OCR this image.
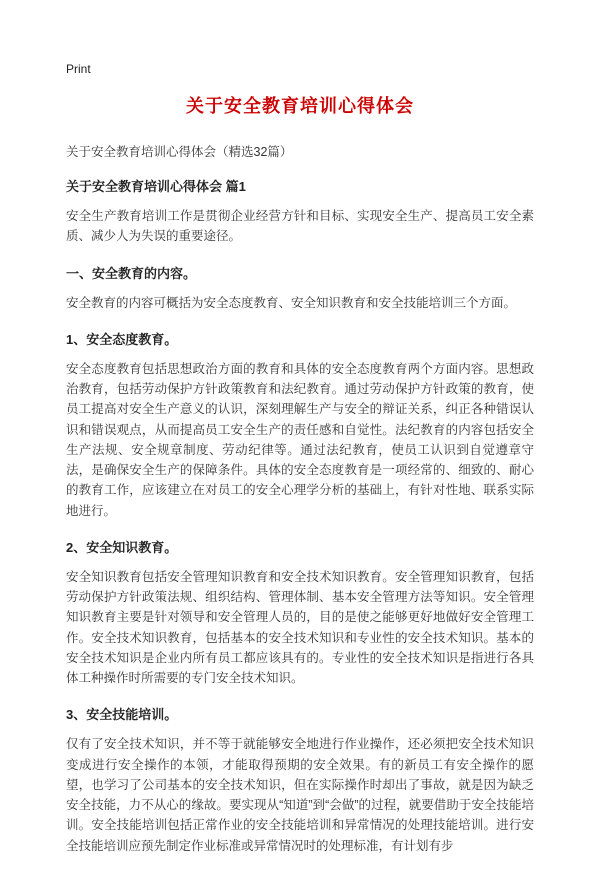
Print
关于安全教育培训心得体会

关于安全教育培训心得体会（精选32篇）

关于安全教育培训心得体会 篇1

安全生产教育培训工作是贯彻企业经营方针和目标、实现安全生产、提高员工安全素质、减少人为失误的重要途径。

一、安全教育的内容。

安全教育的内容可概括为安全态度教育、安全知识教育和安全技能培训三个方面。

1、安全态度教育。

安全态度教育包括思想政治方面的教育和具体的安全态度教育两个方面内容。思想政治教育，包括劳动保护方针政策教育和法纪教育。通过劳动保护方针政策的教育，使员工提高对安全生产意义的认识，深刻理解生产与安全的辩证关系，纠正各种错误认识和错误观点，从而提高员工安全生产的责任感和自觉性。法纪教育的内容包括安全生产法规、安全规章制度、劳动纪律等。通过法纪教育，使员工认识到自觉遵章守法，是确保安全生产的保障条件。具体的安全态度教育是一项经常的、细致的、耐心的教育工作，应该建立在对员工的安全心理学分析的基础上，有针对性地、联系实际地进行。

2、安全知识教育。

安全知识教育包括安全管理知识教育和安全技术知识教育。安全管理知识教育，包括劳动保护方针政策法规、组织结构、管理体制、基本安全管理方法等知识。安全管理知识教育主要是针对领导和安全管理人员的，目的是使之能够更好地做好安全管理工作。安全技术知识教育，包括基本的安全技术知识和专业性的安全技术知识。基本的安全技术知识是企业内所有员工都应该具有的。专业性的安全技术知识是指进行各具体工种操作时所需要的专门安全技术知识。

3、安全技能培训。

仅有了安全技术知识，并不等于就能够安全地进行作业操作，还必须把安全技术知识变成进行安全操作的本领，才能取得预期的安全效果。有的新员工有安全操作的愿望，也学习了公司基本的安全技术知识，但在实际操作时却出了事故，就是因为缺乏安全技能，力不从心的缘故。要实现从“知道”到“会做”的过程，就要借助于安全技能培训。安全技能培训包括正常作业的安全技能培训和异常情况的处理技能培训。进行安全技能培训应预先制定作业标准或异常情况时的处理标准，有计划有步
